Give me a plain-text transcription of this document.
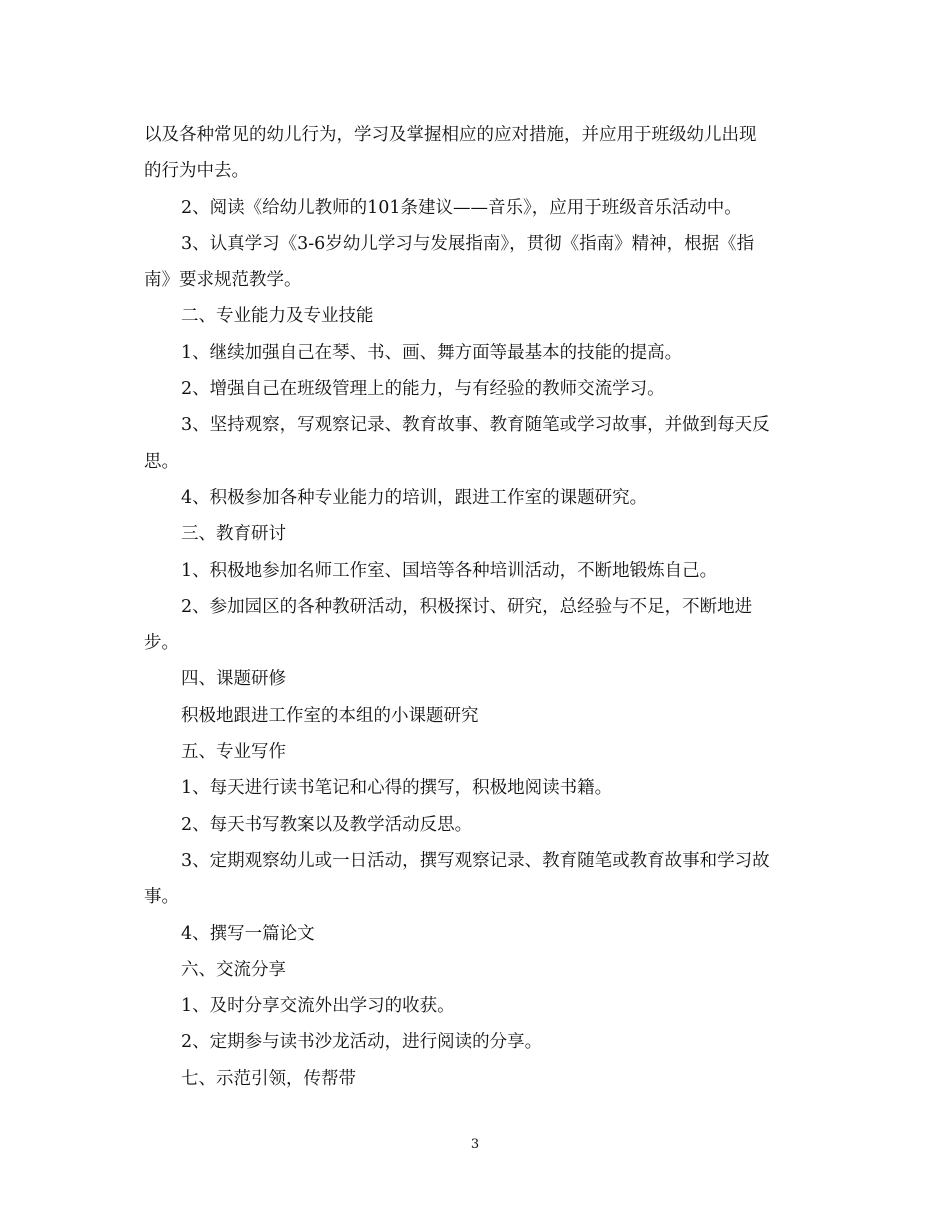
以及各种常见的幼儿行为，学习及掌握相应的应对措施，并应用于班级幼儿出现
的行为中去。
2、阅读《给幼儿教师的101条建议——音乐》，应用于班级音乐活动中。
3、认真学习《3-6岁幼儿学习与发展指南》，贯彻《指南》精神，根据《指
南》要求规范教学。
二、专业能力及专业技能
1、继续加强自己在琴、书、画、舞方面等最基本的技能的提高。
2、增强自己在班级管理上的能力，与有经验的教师交流学习。
3、坚持观察，写观察记录、教育故事、教育随笔或学习故事，并做到每天反
思。
4、积极参加各种专业能力的培训，跟进工作室的课题研究。
三、教育研讨
1、积极地参加名师工作室、国培等各种培训活动，不断地锻炼自己。
2、参加园区的各种教研活动，积极探讨、研究，总经验与不足，不断地进
步。
四、课题研修
积极地跟进工作室的本组的小课题研究
五、专业写作
1、每天进行读书笔记和心得的撰写，积极地阅读书籍。
2、每天书写教案以及教学活动反思。
3、定期观察幼儿或一日活动，撰写观察记录、教育随笔或教育故事和学习故
事。
4、撰写一篇论文
六、交流分享
1、及时分享交流外出学习的收获。
2、定期参与读书沙龙活动，进行阅读的分享。
七、示范引领，传帮带
3
